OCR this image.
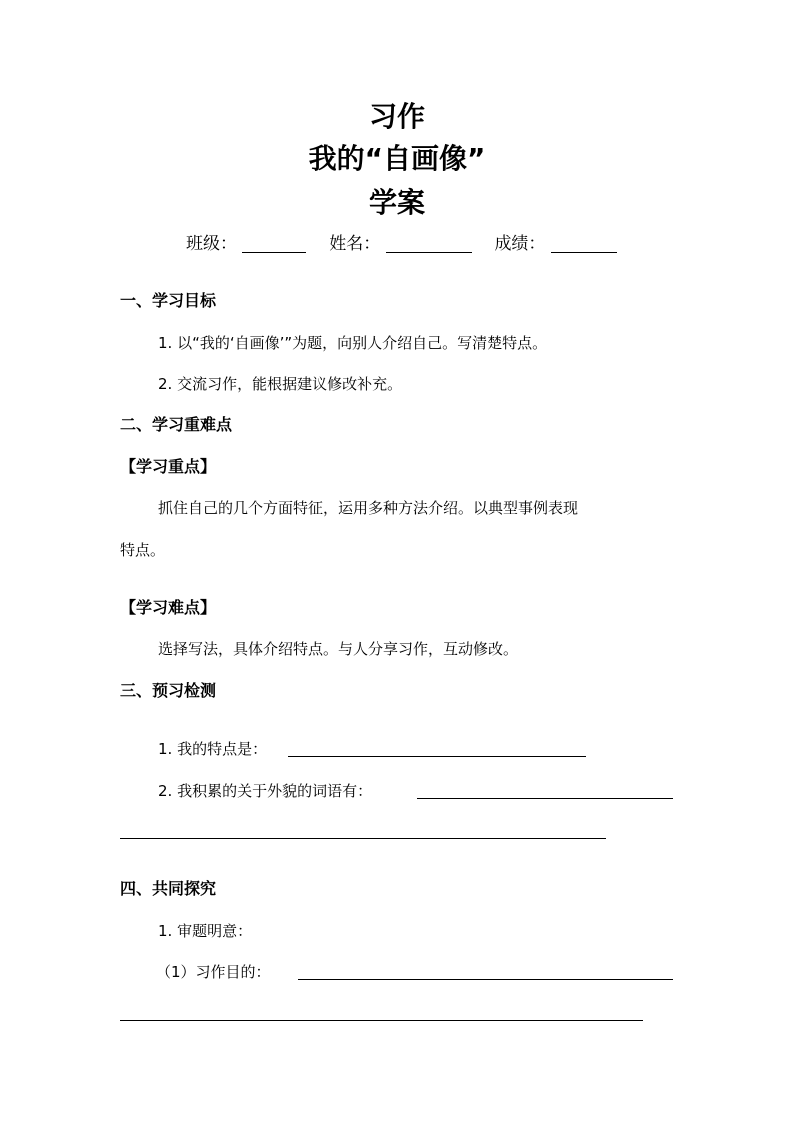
习作
我的“自画像”
学案
班级：	姓名：	成绩：
一、学习目标
1. 以“我的‘自画像’”为题，向别人介绍自己。写清楚特点。
2. 交流习作，能根据建议修改补充。
二、学习重难点
【学习重点】
抓住自己的几个方面特征，运用多种方法介绍。以典型事例表现
特点。
【学习难点】
选择写法，具体介绍特点。与人分享习作，互动修改。
三、预习检测
1. 我的特点是：
2. 我积累的关于外貌的词语有：
四、共同探究
1. 审题明意：
（1）习作目的：
